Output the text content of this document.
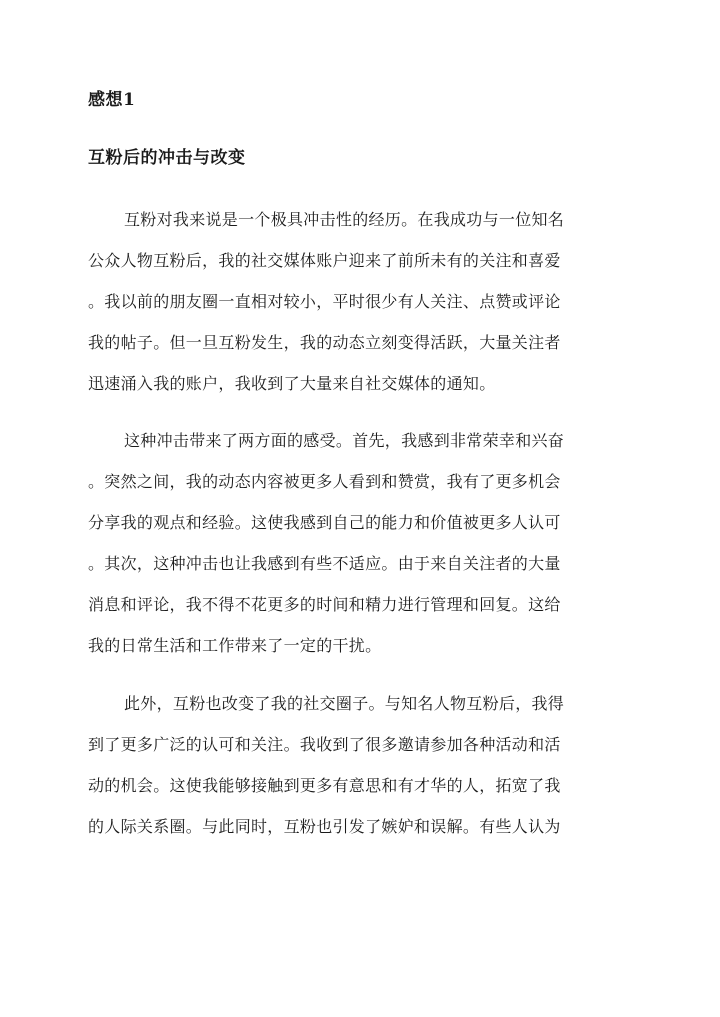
感想1
互粉后的冲击与改变
互粉对我来说是一个极具冲击性的经历。在我成功与一位知名
公众人物互粉后，我的社交媒体账户迎来了前所未有的关注和喜爱
。我以前的朋友圈一直相对较小，平时很少有人关注、点赞或评论
我的帖子。但一旦互粉发生，我的动态立刻变得活跃，大量关注者
迅速涌入我的账户，我收到了大量来自社交媒体的通知。
这种冲击带来了两方面的感受。首先，我感到非常荣幸和兴奋
。突然之间，我的动态内容被更多人看到和赞赏，我有了更多机会
分享我的观点和经验。这使我感到自己的能力和价值被更多人认可
。其次，这种冲击也让我感到有些不适应。由于来自关注者的大量
消息和评论，我不得不花更多的时间和精力进行管理和回复。这给
我的日常生活和工作带来了一定的干扰。
此外，互粉也改变了我的社交圈子。与知名人物互粉后，我得
到了更多广泛的认可和关注。我收到了很多邀请参加各种活动和活
动的机会。这使我能够接触到更多有意思和有才华的人，拓宽了我
的人际关系圈。与此同时，互粉也引发了嫉妒和误解。有些人认为
